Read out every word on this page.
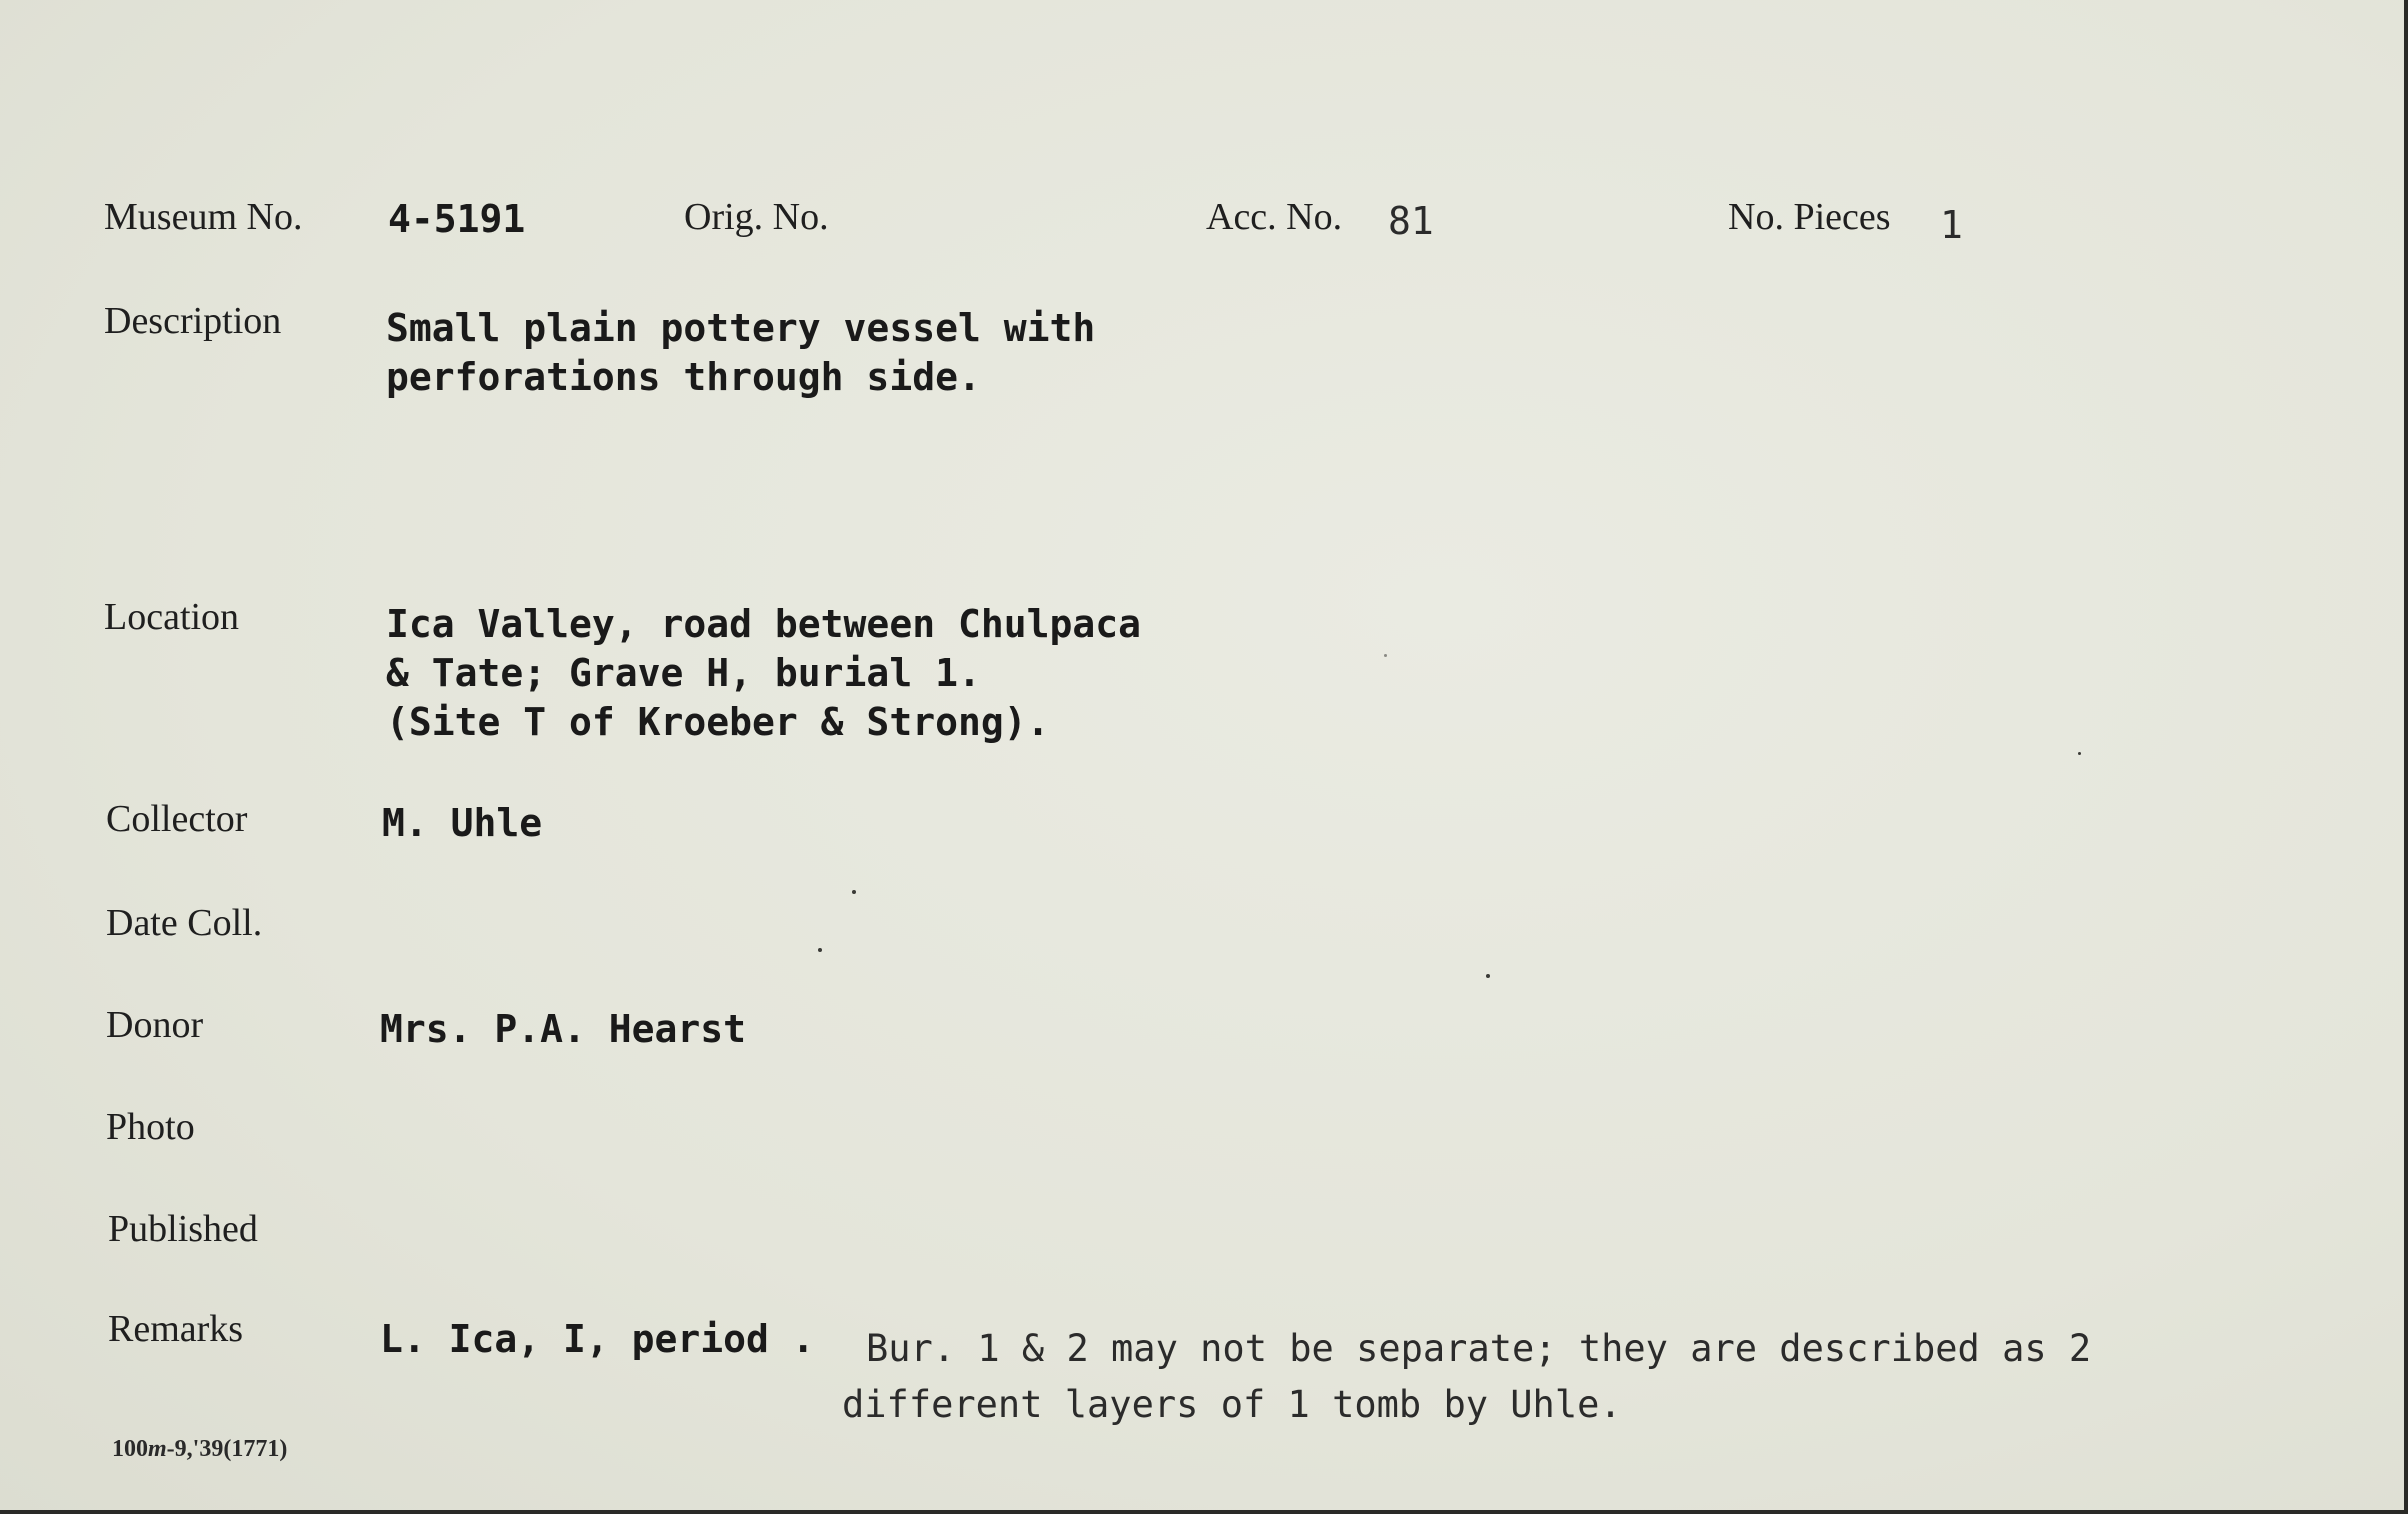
Museum No. 4-5191	Orig. No.	Acc. No. 81	No. Pieces 1
Description	Small plain pottery vessel with
perforations through side.
Location	Ica Valley, road between Chulpaca
& Tate; Grave H, burial 1.
(Site T of Kroeber & Strong).
Collector	M. Uhle
Date Coll.
Donor	Mrs. P.A. Hearst
Photo
Published
Remarks	L. Ica, I, period . Bur. 1 & 2 may not be separate; they are described as 2
different layers of 1 tomb by Uhle.
100m-9,'39(1771)
